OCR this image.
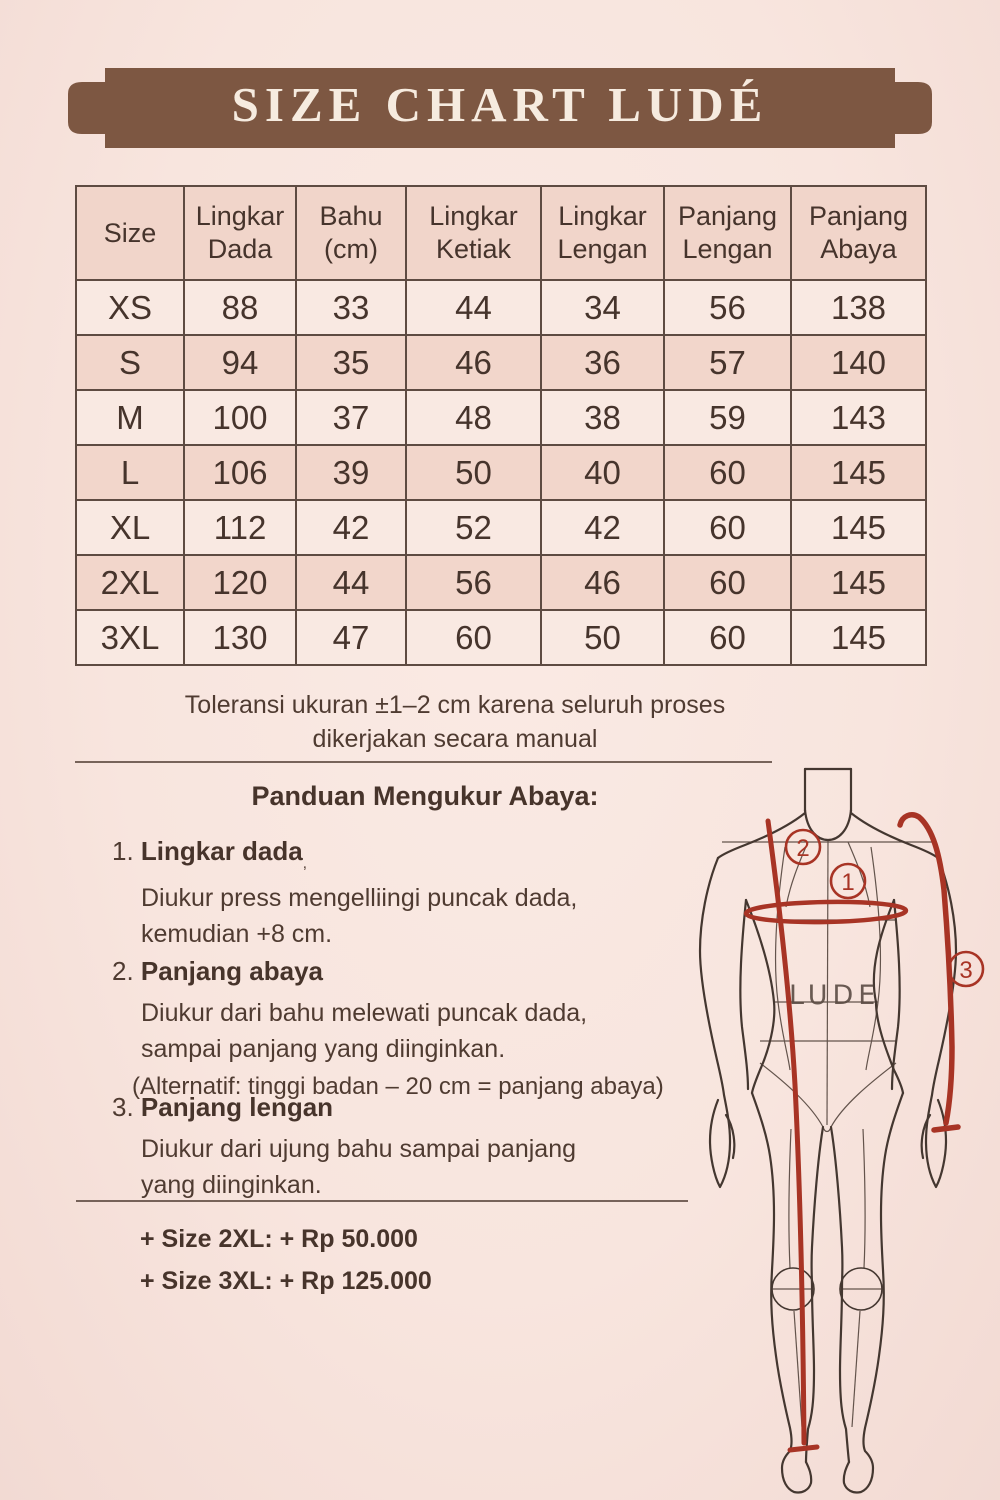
SIZE CHART LUDÉ
Size	Lingkar Dada	Bahu (cm)	Lingkar Ketiak	Lingkar Lengan	Panjang Lengan	Panjang Abaya
XS	88	33	44	34	56	138
S	94	35	46	36	57	140
M	100	37	48	38	59	143
L	106	39	50	40	60	145
XL	112	42	52	42	60	145
2XL	120	44	56	46	60	145
3XL	130	47	60	50	60	145
Toleransi ukuran ±1–2 cm karena seluruh proses
dikerjakan secara manual
Panduan Mengukur Abaya:
1. Lingkar dada$_,$
Diukur press mengelliingi puncak dada,
kemudian +8 cm.
2. Panjang abaya
Diukur dari bahu melewati puncak dada,
sampai panjang yang diinginkan.
(Alternatif: tinggi badan – 20 cm = panjang abaya)
3. Panjang lengan
Diukur dari ujung bahu sampai panjang
yang diinginkan.
+ Size 2XL: + Rp 50.000
+ Size 3XL: + Rp 125.000
LUDE
2
1
3
